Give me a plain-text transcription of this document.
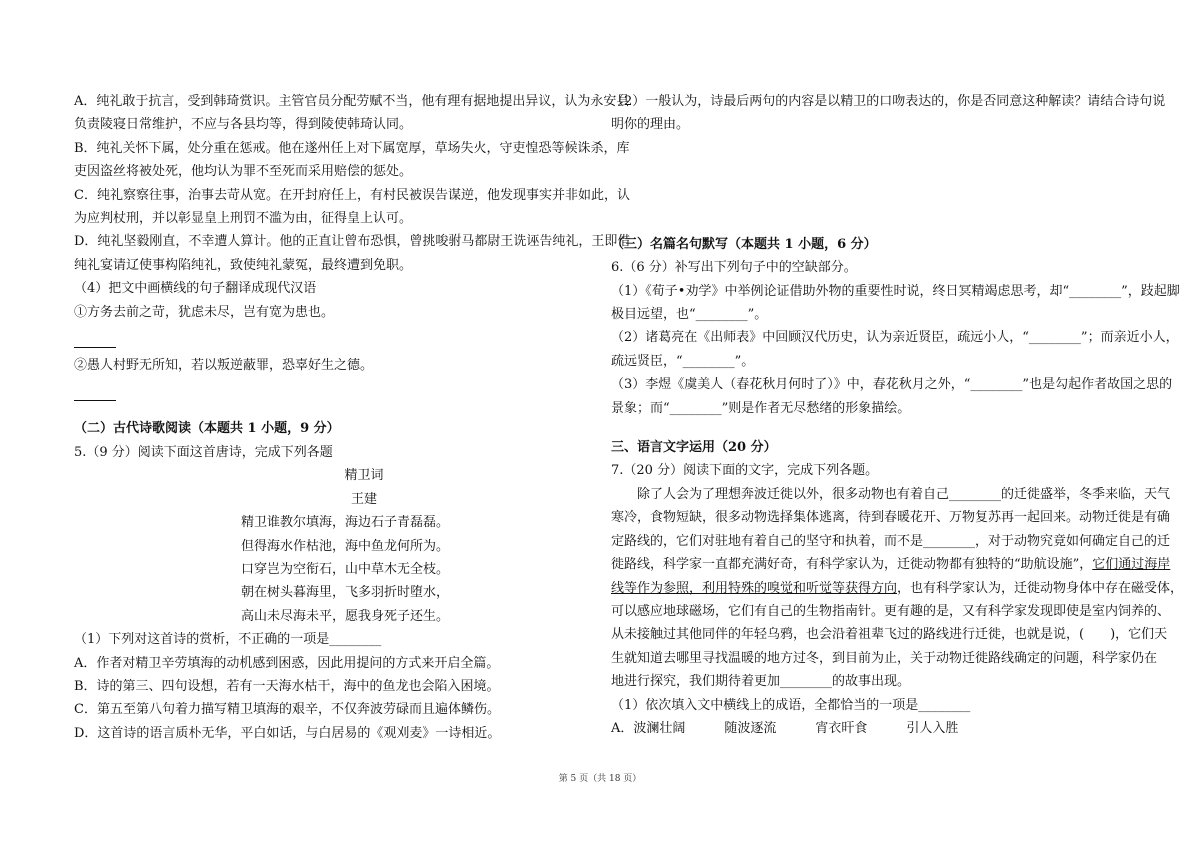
A．纯礼敢于抗言，受到韩琦赏识。主管官员分配劳赋不当，他有理有据地提出异议，认为永安县

负责陵寝日常维护，不应与各县均等，得到陵使韩琦认同。

B．纯礼关怀下属，处分重在惩戒。他在遂州任上对下属宽厚，草场失火，守吏惶恐等候诛杀，库

吏因盗丝将被处死，他均认为罪不至死而采用赔偿的惩处。

C．纯礼察察往事，治事去苛从宽。在开封府任上，有村民被误告谋逆，他发现事实并非如此，认

为应判杖刑，并以彰显皇上刑罚不滥为由，征得皇上认可。

D．纯礼坚毅刚直，不幸遭人算计。他的正直让曾布恐惧，曾挑唆驸马都尉王诜诬告纯礼，王即借

纯礼宴请辽使事构陷纯礼，致使纯礼蒙冤，最终遭到免职。

（4）把文中画横线的句子翻译成现代汉语

①方务去前之苛，犹虑未尽，岂有宽为患也。

②愚人村野无所知，若以叛逆蔽罪，恐辜好生之德。

（二）古代诗歌阅读（本题共 1 小题，9 分）

5.（9 分）阅读下面这首唐诗，完成下列各题

精卫词

王建

精卫谁教尔填海，海边石子青磊磊。

但得海水作枯池，海中鱼龙何所为。

口穿岂为空衔石，山中草木无全枝。

朝在树头暮海里，飞多羽折时堕水，

高山未尽海未平，愿我身死子还生。

（1）下列对这首诗的赏析，不正确的一项是________

A．作者对精卫辛劳填海的动机感到困惑，因此用提问的方式来开启全篇。

B．诗的第三、四句设想，若有一天海水枯干，海中的鱼龙也会陷入困境。

C．第五至第八句着力描写精卫填海的艰辛，不仅奔波劳碌而且遍体鳞伤。

D．这首诗的语言质朴无华，平白如话，与白居易的《观刈麦》一诗相近。

（2）一般认为，诗最后两句的内容是以精卫的口吻表达的，你是否同意这种解读？请结合诗句说

明你的理由。

（三）名篇名句默写（本题共 1 小题，6 分）

6.（6 分）补写出下列句子中的空缺部分。

（1）《荀子•劝学》中举例论证借助外物的重要性时说，终日冥精竭虑思考，却“________”，跂起脚

极目远望，也“________”。

（2）诸葛亮在《出师表》中回顾汉代历史，认为亲近贤臣，疏远小人，“________”；而亲近小人，

疏远贤臣，“________”。

（3）李煜《虞美人（春花秋月何时了）》中，春花秋月之外，“________”也是勾起作者故国之思的

景象；而“________”则是作者无尽愁绪的形象描绘。

三、语言文字运用（20 分）

7.（20 分）阅读下面的文字，完成下列各题。

除了人会为了理想奔波迁徙以外，很多动物也有着自己________的迁徙盛举，冬季来临，天气

寒冷，食物短缺，很多动物选择集体逃离，待到春暖花开、万物复苏再一起回来。动物迁徙是有确

定路线的，它们对驻地有着自己的坚守和执着，而不是________，对于动物究竟如何确定自己的迁

徙路线，科学家一直都充满好奇，有科学家认为，迁徙动物都有独特的“助航设施”，它们通过海岸

线等作为参照，利用特殊的嗅觉和听觉等获得方向，也有科学家认为，迁徙动物身体中存在磁受体，

可以感应地球磁场，它们有自己的生物指南针。更有趣的是，又有科学家发现即使是室内饲养的、

从未接触过其他同伴的年轻乌鸦，也会沿着祖辈飞过的路线进行迁徙，也就是说，(　　)，它们天

生就知道去哪里寻找温暖的地方过冬，到目前为止，关于动物迁徙路线确定的问题，科学家仍在

地进行探究，我们期待着更加________的故事出现。

（1）依次填入文中横线上的成语，全都恰当的一项是________

A．波澜壮阔　　　随波逐流　　　宵衣旰食　　　引人入胜

第 5 页（共 18 页）
